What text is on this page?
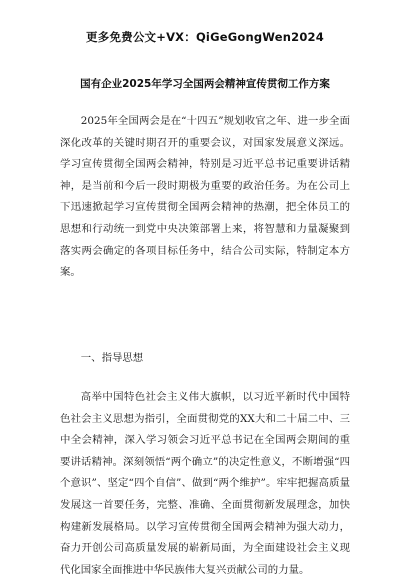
更多免费公文+VX：QiGeGongWen2024
国有企业2025年学习全国两会精神宣传贯彻工作方案

2025年全国两会是在“十四五”规划收官之年、进一步全面深化改革的关键时期召开的重要会议，对国家发展意义深远。学习宣传贯彻全国两会精神，特别是习近平总书记重要讲话精神，是当前和今后一段时期极为重要的政治任务。为在公司上下迅速掀起学习宣传贯彻全国两会精神的热潮，把全体员工的思想和行动统一到党中央决策部署上来，将智慧和力量凝聚到落实两会确定的各项目标任务中，结合公司实际，特制定本方案。

一、指导思想

高举中国特色社会主义伟大旗帜，以习近平新时代中国特色社会主义思想为指引，全面贯彻党的XX大和二十届二中、三中全会精神，深入学习领会习近平总书记在全国两会期间的重要讲话精神。深刻领悟“两个确立”的决定性意义，不断增强“四个意识”、坚定“四个自信”、做到“两个维护”。牢牢把握高质量发展这一首要任务，完整、准确、全面贯彻新发展理念，加快构建新发展格局。以学习宣传贯彻全国两会精神为强大动力，奋力开创公司高质量发展的崭新局面，为全面建设社会主义现代化国家全面推进中华民族伟大复兴贡献公司的力量。
